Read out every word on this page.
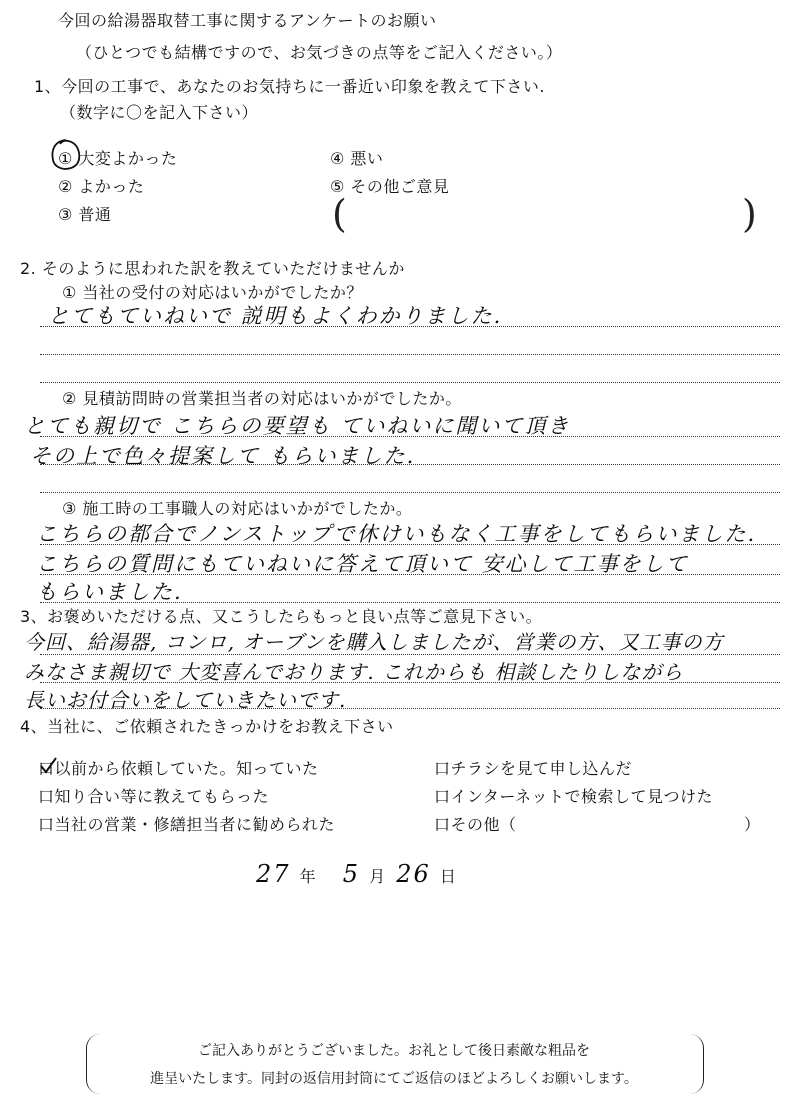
今回の給湯器取替工事に関するアンケートのお願い
（ひとつでも結構ですので、お気づきの点等をご記入ください。）
1、今回の工事で、あなたのお気持ちに一番近い印象を教えて下さい.
（数字に〇を記入下さい）
① 大変よかった
② よかった
③ 普通
④ 悪い
⑤ その他ご意見
(	)
2. そのように思われた訳を教えていただけませんか
① 当社の受付の対応はいかがでしたか？
とてもていねいで 説明もよくわかりました.
② 見積訪問時の営業担当者の対応はいかがでしたか。
とても親切で こちらの要望も ていねいに聞いて頂き
その上で色々提案して もらいました.
③ 施工時の工事職人の対応はいかがでしたか。
こちらの都合でノンストップで休けいもなく工事をしてもらいました.
こちらの質問にもていねいに答えて頂いて 安心して工事をして
もらいました.
3、お褒めいただける点、又こうしたらもっと良い点等ご意見下さい。
今回、給湯器, コンロ, オーブンを購入しましたが、営業の方、又工事の方
みなさま親切で 大変喜んでおります. これからも 相談したりしながら
長いお付合いをしていきたいです.
4、当社に、ご依頼されたきっかけをお教え下さい
口以前から依頼していた。知っていた
口知り合い等に教えてもらった
口当社の営業・修繕担当者に勧められた
口チラシを見て申し込んだ
口インターネットで検索して見つけた
口その他（	）
27 年 5 月 26 日
ご記入ありがとうございました。お礼として後日素敵な粗品を
進呈いたします。同封の返信用封筒にてご返信のほどよろしくお願いします。
